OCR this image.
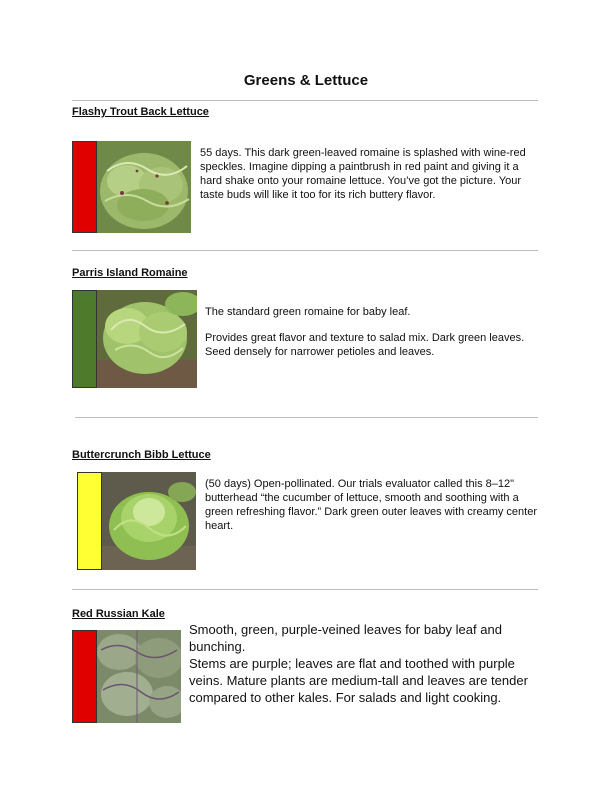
Greens & Lettuce
Flashy Trout Back Lettuce

55 days. This dark green-leaved romaine is splashed with wine-red speckles. Imagine dipping a paintbrush in red paint and giving it a hard shake onto your romaine lettuce. You’ve got the picture. Your taste buds will like it too for its rich buttery flavor.

Parris Island Romaine

The standard green romaine for baby leaf.

Provides great flavor and texture to salad mix. Dark green leaves. Seed densely for narrower petioles and leaves.

Buttercrunch Bibb Lettuce

(50 days) Open-pollinated. Our trials evaluator called this 8–12" butterhead “the cucumber of lettuce, smooth and soothing with a green refreshing flavor.” Dark green outer leaves with creamy center heart.

Red Russian Kale

Smooth, green, purple-veined leaves for baby leaf and bunching.

Stems are purple; leaves are flat and toothed with purple veins. Mature plants are medium-tall and leaves are tender compared to other kales. For salads and light cooking.
